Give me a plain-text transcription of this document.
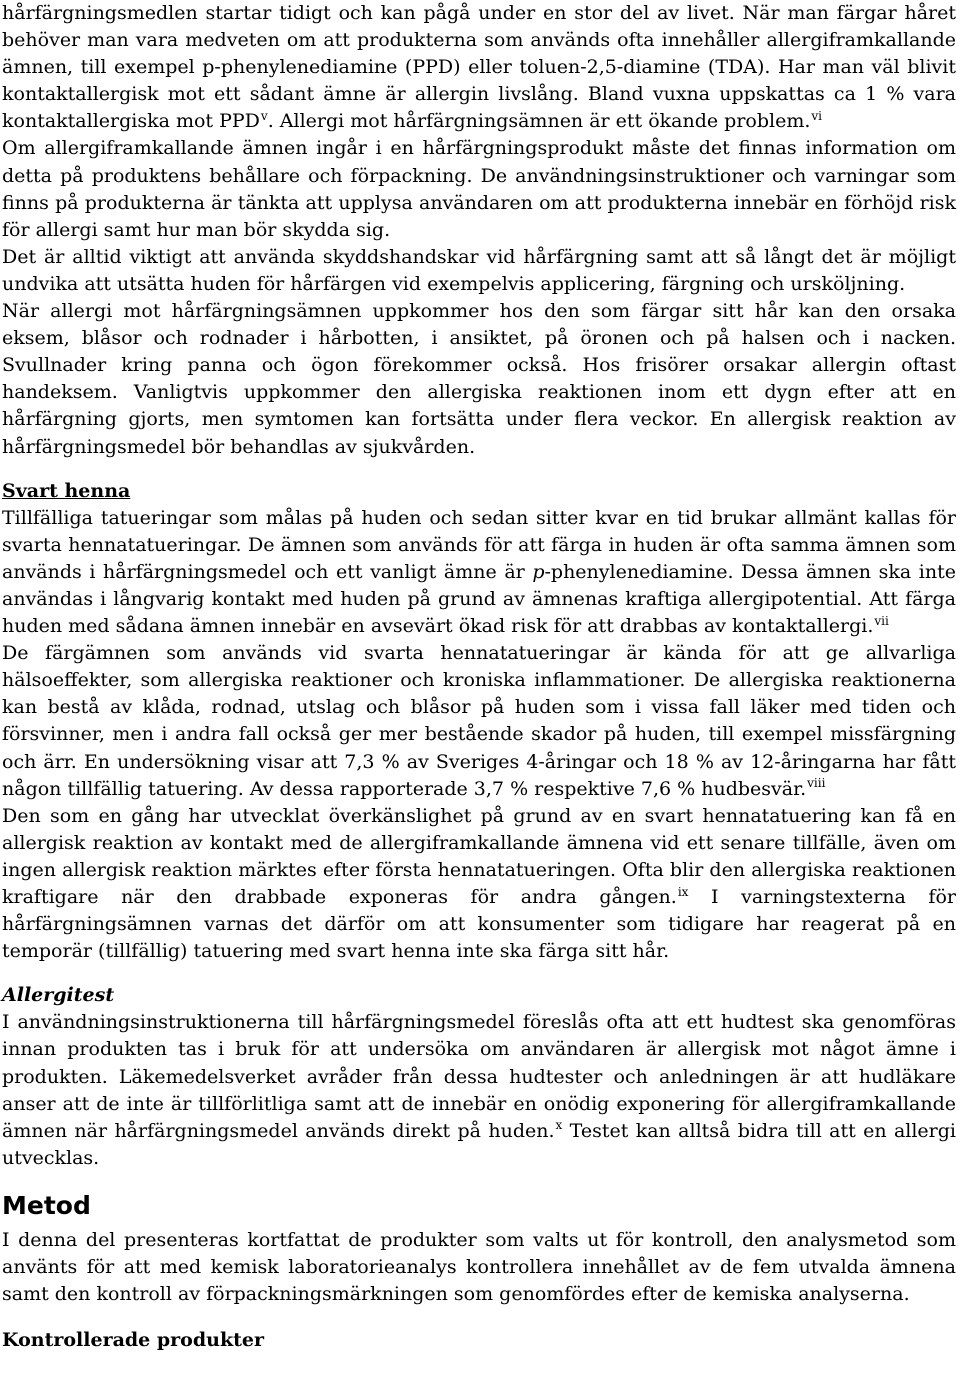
hårfärgningsmedlen startar tidigt och kan pågå under en stor del av livet. När man färgar håret behöver man vara medveten om att produkterna som används ofta innehåller allergiframkallande ämnen, till exempel p-phenylenediamine (PPD) eller toluen-2,5-diamine (TDA). Har man väl blivit kontaktallergisk mot ett sådant ämne är allergin livslång. Bland vuxna uppskattas ca 1 % vara kontaktallergiska mot PPD$^v$. Allergi mot hårfärgningsämnen är ett ökande problem.$^{vi}$

Om allergiframkallande ämnen ingår i en hårfärgningsprodukt måste det finnas information om detta på produktens behållare och förpackning. De användningsinstruktioner och varningar som finns på produkterna är tänkta att upplysa användaren om att produkterna innebär en förhöjd risk för allergi samt hur man bör skydda sig.

Det är alltid viktigt att använda skyddshandskar vid hårfärgning samt att så långt det är möjligt undvika att utsätta huden för hårfärgen vid exempelvis applicering, färgning och ursköljning.

När allergi mot hårfärgningsämnen uppkommer hos den som färgar sitt hår kan den orsaka eksem, blåsor och rodnader i hårbotten, i ansiktet, på öronen och på halsen och i nacken. Svullnader kring panna och ögon förekommer också. Hos frisörer orsakar allergin oftast handeksem. Vanligtvis uppkommer den allergiska reaktionen inom ett dygn efter att en hårfärgning gjorts, men symtomen kan fortsätta under flera veckor. En allergisk reaktion av hårfärgningsmedel bör behandlas av sjukvården.

Svart henna

Tillfälliga tatueringar som målas på huden och sedan sitter kvar en tid brukar allmänt kallas för svarta hennatatueringar. De ämnen som används för att färga in huden är ofta samma ämnen som används i hårfärgningsmedel och ett vanligt ämne är p-phenylenediamine. Dessa ämnen ska inte användas i långvarig kontakt med huden på grund av ämnenas kraftiga allergipotential. Att färga huden med sådana ämnen innebär en avsevärt ökad risk för att drabbas av kontaktallergi.$^{vii}$

De färgämnen som används vid svarta hennatatueringar är kända för att ge allvarliga hälsoeffekter, som allergiska reaktioner och kroniska inflammationer. De allergiska reaktionerna kan bestå av klåda, rodnad, utslag och blåsor på huden som i vissa fall läker med tiden och försvinner, men i andra fall också ger mer bestående skador på huden, till exempel missfärgning och ärr. En undersökning visar att 7,3 % av Sveriges 4-åringar och 18 % av 12-åringarna har fått någon tillfällig tatuering. Av dessa rapporterade 3,7 % respektive 7,6 % hudbesvär.$^{viii}$

Den som en gång har utvecklat överkänslighet på grund av en svart hennatatuering kan få en allergisk reaktion av kontakt med de allergiframkallande ämnena vid ett senare tillfälle, även om ingen allergisk reaktion märktes efter första hennatatueringen. Ofta blir den allergiska reaktionen kraftigare när den drabbade exponeras för andra gången.$^{ix}$ I varningstexterna för hårfärgningsämnen varnas det därför om att konsumenter som tidigare har reagerat på en temporär (tillfällig) tatuering med svart henna inte ska färga sitt hår.

Allergitest

I användningsinstruktionerna till hårfärgningsmedel föreslås ofta att ett hudtest ska genomföras innan produkten tas i bruk för att undersöka om användaren är allergisk mot något ämne i produkten. Läkemedelsverket avråder från dessa hudtester och anledningen är att hudläkare anser att de inte är tillförlitliga samt att de innebär en onödig exponering för allergiframkallande ämnen när hårfärgningsmedel används direkt på huden.$^x$ Testet kan alltså bidra till att en allergi utvecklas.

Metod

I denna del presenteras kortfattat de produkter som valts ut för kontroll, den analysmetod som använts för att med kemisk laboratorieanalys kontrollera innehållet av de fem utvalda ämnena samt den kontroll av förpackningsmärkningen som genomfördes efter de kemiska analyserna.

Kontrollerade produkter
